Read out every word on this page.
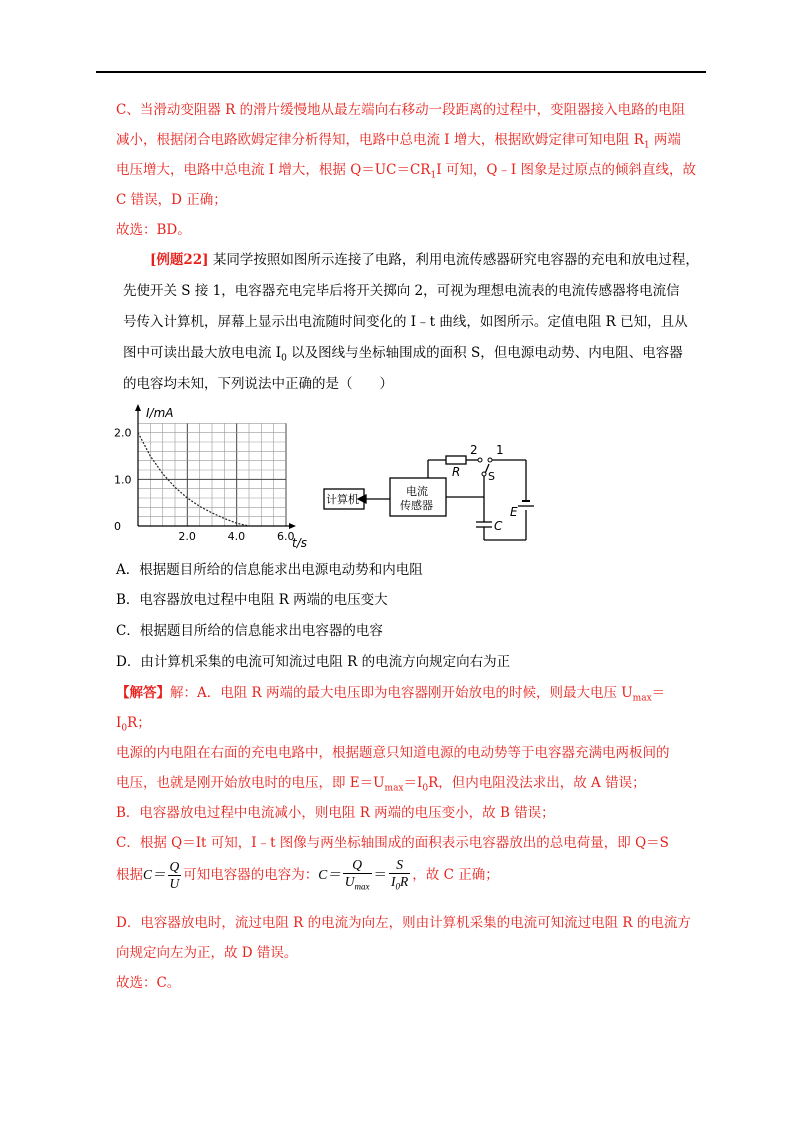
C、当滑动变阻器 R 的滑片缓慢地从最左端向右移动一段距离的过程中，变阻器接入电路的电阻
减小，根据闭合电路欧姆定律分析得知，电路中总电流 I 增大，根据欧姆定律可知电阻 $R_1$ 两端
电压增大，电路中总电流 I 增大，根据 $Q=UC=CR_1I$ 可知，Q﹣I 图象是过原点的倾斜直线，故
C 错误，D 正确；
故选：BD。
[例题22] 某同学按照如图所示连接了电路，利用电流传感器研究电容器的充电和放电过程，
先使开关 S 接 1，电容器充电完毕后将开关掷向 2，可视为理想电流表的电流传感器将电流信
号传入计算机，屏幕上显示出电流随时间变化的 I﹣t 曲线，如图所示。定值电阻 R 已知，且从
图中可读出最大放电电流 $I_0$ 以及图线与坐标轴围成的面积 S，但电源电动势、内电阻、电容器
的电容均未知，下列说法中正确的是（　　）
I/mA
t/s
2.0
1.0
0
2.0	4.0	6.0
计算机
电流
传感器
R
2 1
S
C
E
A．根据题目所给的信息能求出电源电动势和内电阻
B．电容器放电过程中电阻 R 两端的电压变大
C．根据题目所给的信息能求出电容器的电容
D．由计算机采集的电流可知流过电阻 R 的电流方向规定向右为正
【解答】解：A．电阻 R 两端的最大电压即为电容器刚开始放电的时候，则最大电压 $U_{max}=$
$I_0R$；
电源的内电阻在右面的充电电路中，根据题意只知道电源的电动势等于电容器充满电两板间的
电压，也就是刚开始放电时的电压，即 $E=U_{max}=I_0R$，但内电阻没法求出，故 A 错误；
B．电容器放电过程中电流减小，则电阻 R 两端的电压变小，故 B 错误；
C．根据 Q＝It 可知，I﹣t 图像与两坐标轴围成的面积表示电容器放出的总电荷量，即 Q＝S
根据$C= \frac{Q}{U}$ 可知电容器的电容为：$C= \frac{Q}{U_{max}} = \frac{S}{I_0R}$ ，故 C 正确；
D．电容器放电时，流过电阻 R 的电流为向左，则由计算机采集的电流可知流过电阻 R 的电流方
向规定向左为正，故 D 错误。
故选：C。
